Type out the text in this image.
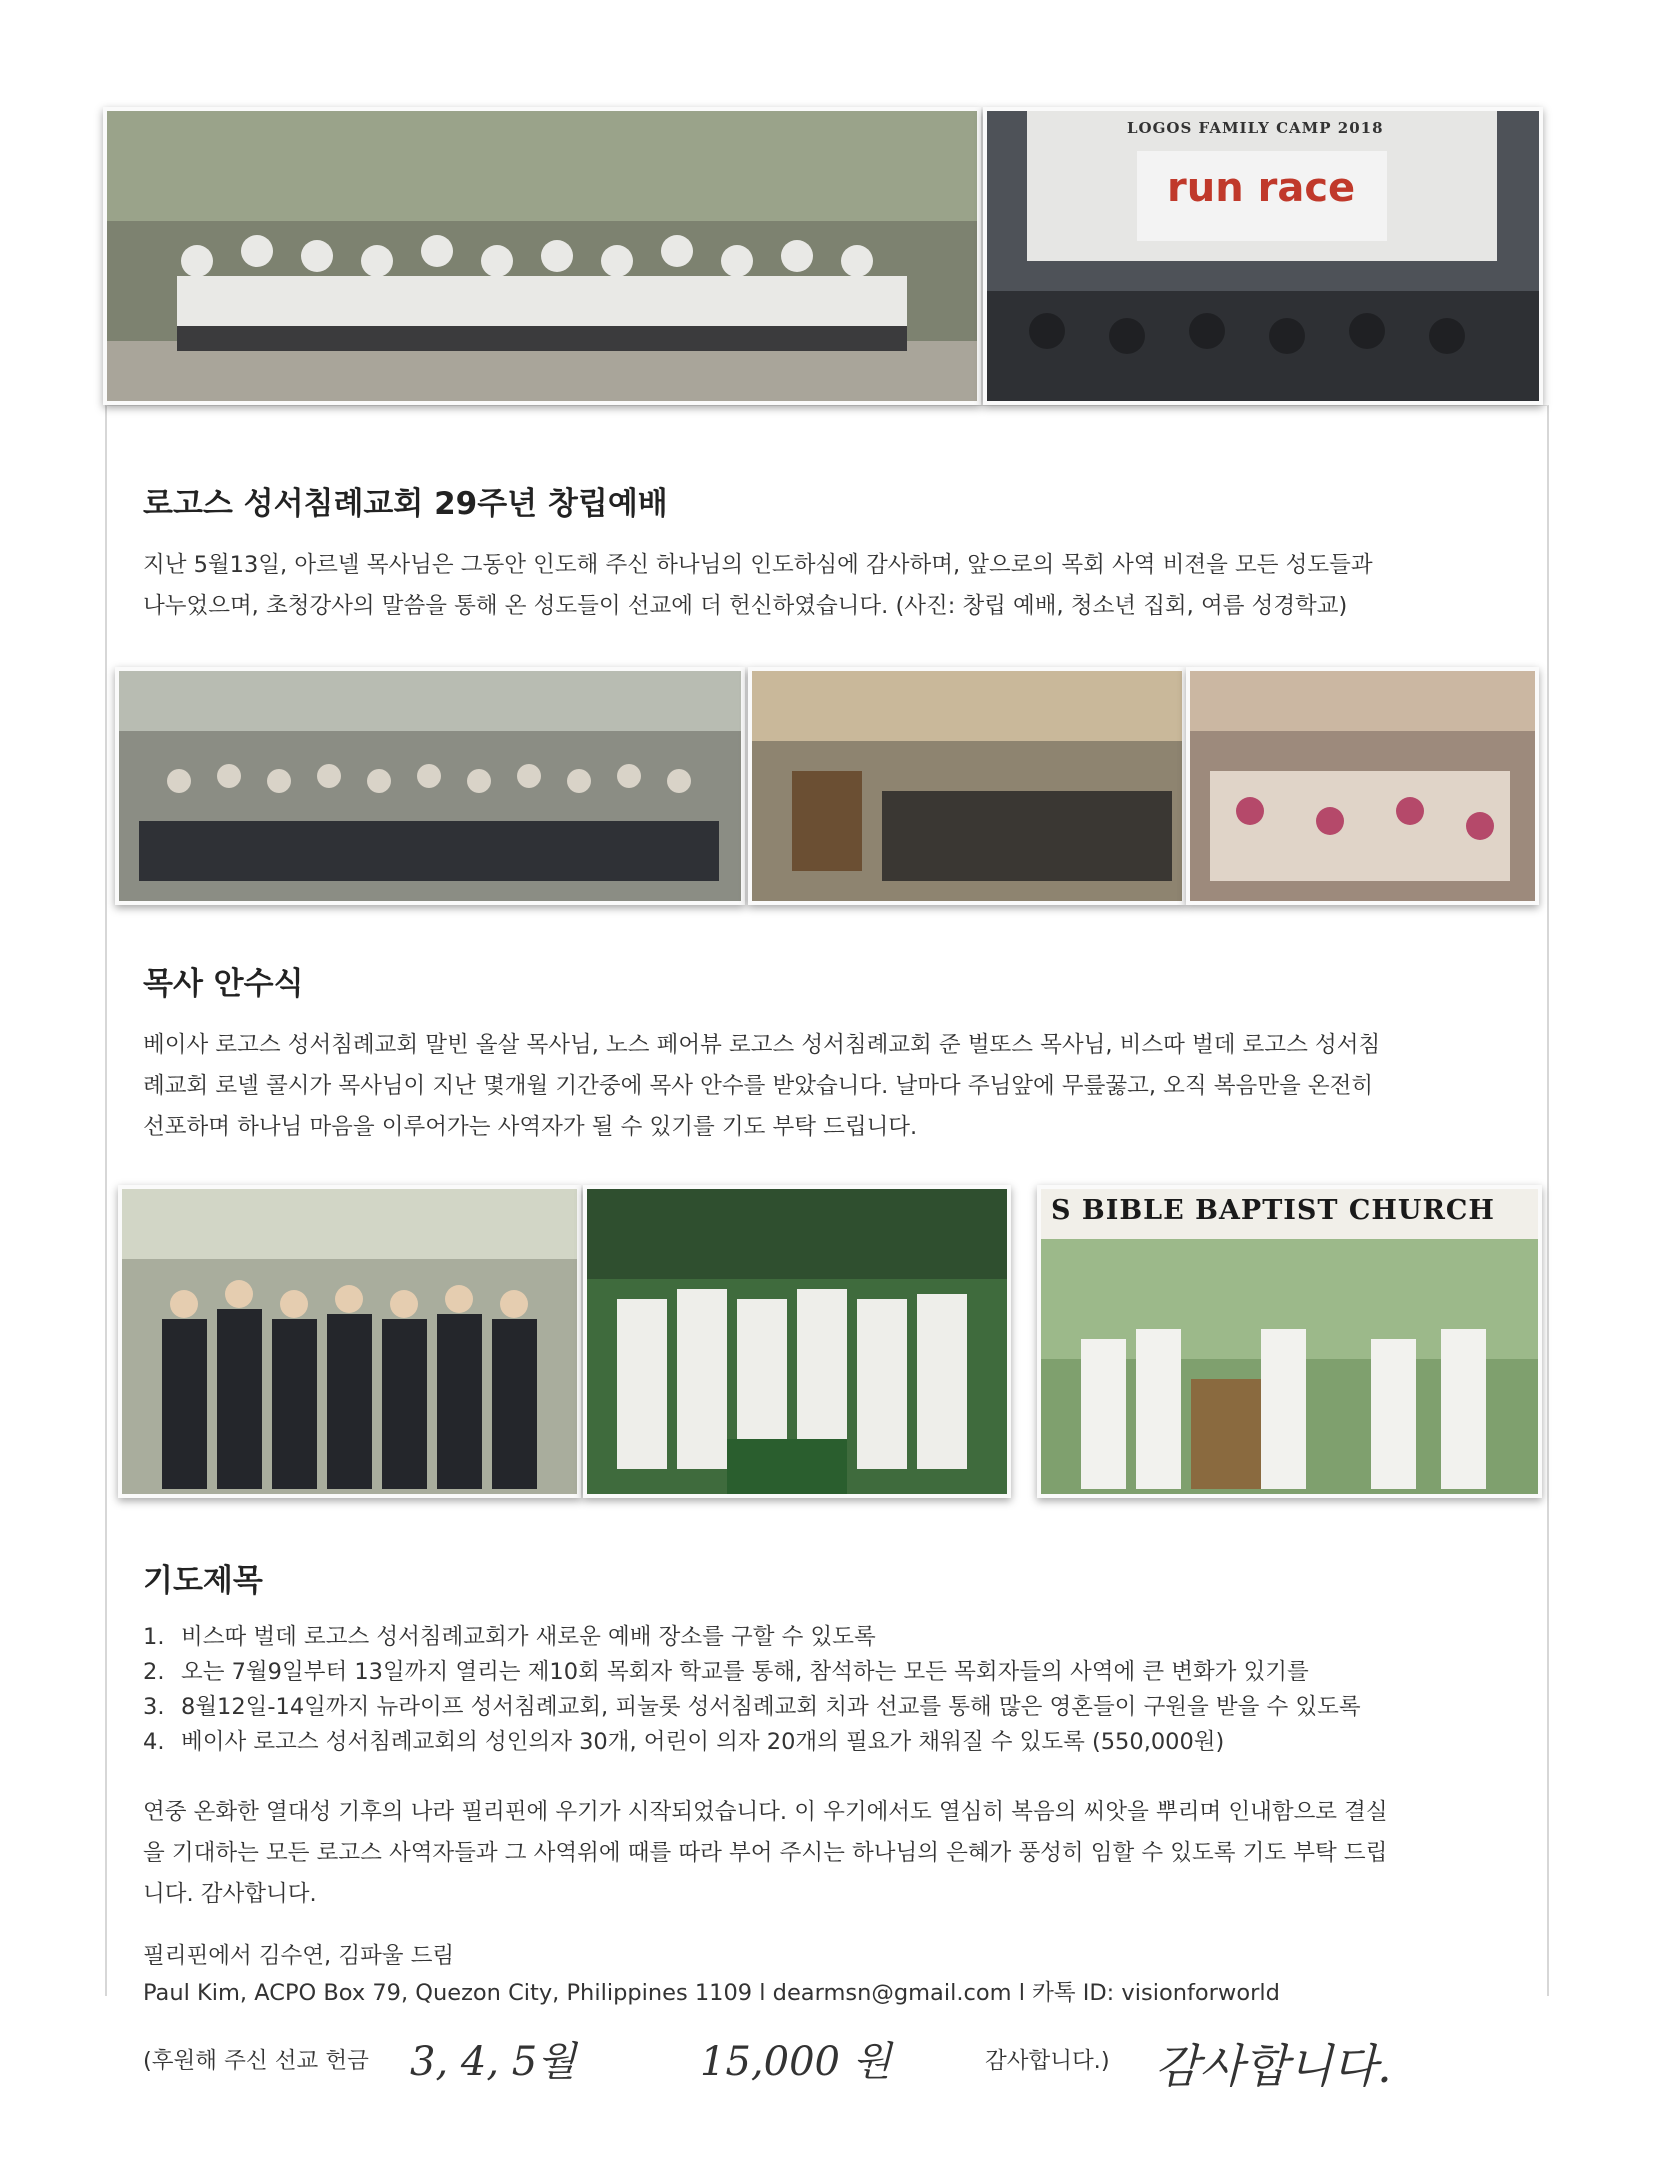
run race
LOGOS FAMILY CAMP 2018
로고스 성서침례교회 29주년 창립예배
지난 5월13일, 아르넬 목사님은 그동안 인도해 주신 하나님의 인도하심에 감사하며, 앞으로의 목회 사역 비젼을 모든 성도들과
나누었으며, 초청강사의 말씀을 통해 온 성도들이 선교에 더 헌신하였습니다. (사진: 창립 예배, 청소년 집회, 여름 성경학교)
목사 안수식
베이사 로고스 성서침례교회 말빈 올살 목사님, 노스 페어뷰 로고스 성서침례교회 준 벌또스 목사님, 비스따 벌데 로고스 성서침
례교회 로넬 콜시가 목사님이 지난 몇개월 기간중에 목사 안수를 받았습니다. 날마다 주님앞에 무릎꿇고, 오직 복음만을 온전히
선포하며 하나님 마음을 이루어가는 사역자가 될 수 있기를 기도 부탁 드립니다.
S BIBLE BAPTIST CHURCH
기도제목
1. 비스따 벌데 로고스 성서침례교회가 새로운 예배 장소를 구할 수 있도록
2. 오는 7월9일부터 13일까지 열리는 제10회 목회자 학교를 통해, 참석하는 모든 목회자들의 사역에 큰 변화가 있기를
3. 8월12일-14일까지 뉴라이프 성서침례교회, 피눌롯 성서침례교회 치과 선교를 통해 많은 영혼들이 구원을 받을 수 있도록
4. 베이사 로고스 성서침례교회의 성인의자 30개, 어린이 의자 20개의 필요가 채워질 수 있도록 (550,000원)
연중 온화한 열대성 기후의 나라 필리핀에 우기가 시작되었습니다. 이 우기에서도 열심히 복음의 씨앗을 뿌리며 인내함으로 결실
을 기대하는 모든 로고스 사역자들과 그 사역위에 때를 따라 부어 주시는 하나님의 은혜가 풍성히 임할 수 있도록 기도 부탁 드립
니다. 감사합니다.
필리핀에서 김수연, 김파울 드림
Paul Kim, ACPO Box 79, Quezon City, Philippines 1109 l dearmsn@gmail.com l 카톡 ID: visionforworld
(후원해 주신 선교 헌금 3, 4, 5월	15,000 원	감사합니다.) 감사합니다.
